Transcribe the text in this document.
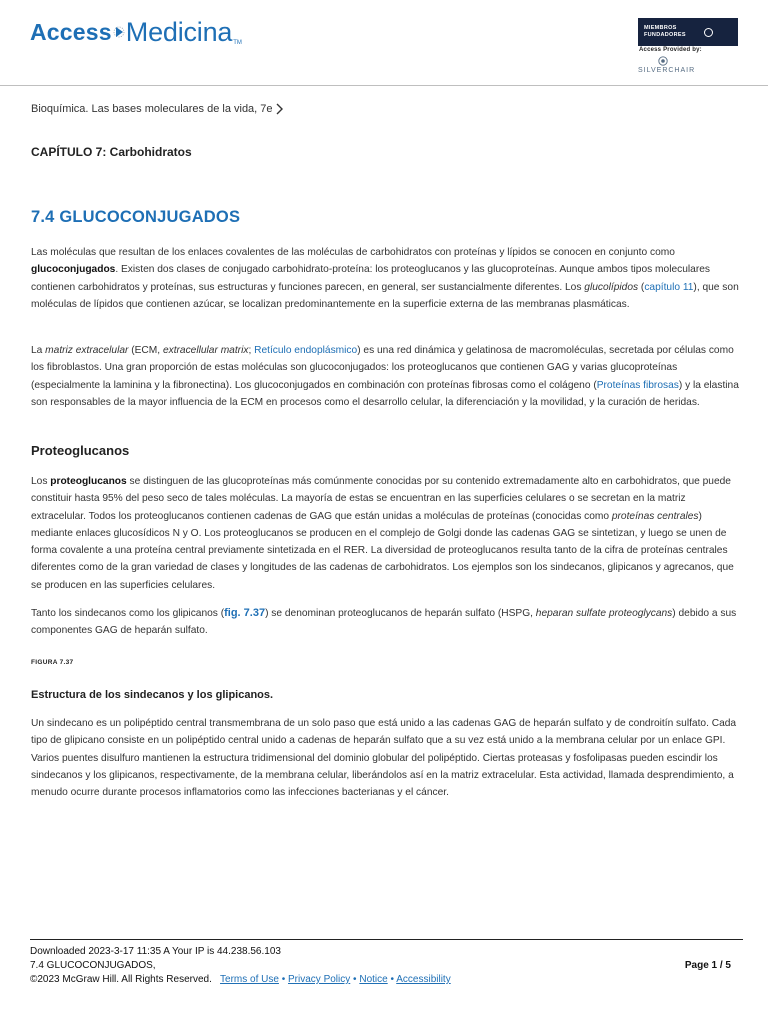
Access Medicina TM
MIEMBROS FUNDADORES
Access Provided by:
SILVERCHAIR
Bioquímica. Las bases moleculares de la vida, 7e
CAPÍTULO 7: Carbohidratos
7.4 GLUCOCONJUGADOS
Las moléculas que resultan de los enlaces covalentes de las moléculas de carbohidratos con proteínas y lípidos se conocen en conjunto como glucoconjugados. Existen dos clases de conjugado carbohidrato-proteína: los proteoglucanos y las glucoproteínas. Aunque ambos tipos moleculares contienen carbohidratos y proteínas, sus estructuras y funciones parecen, en general, ser sustancialmente diferentes. Los glucolípidos (capítulo 11), que son moléculas de lípidos que contienen azúcar, se localizan predominantemente en la superficie externa de las membranas plasmáticas.
La matriz extracelular (ECM, extracellular matrix; Retículo endoplásmico) es una red dinámica y gelatinosa de macromoléculas, secretada por células como los fibroblastos. Una gran proporción de estas moléculas son glucoconjugados: los proteoglucanos que contienen GAG y varias glucoproteínas (especialmente la laminina y la fibronectina). Los glucoconjugados en combinación con proteínas fibrosas como el colágeno (Proteínas fibrosas) y la elastina son responsables de la mayor influencia de la ECM en procesos como el desarrollo celular, la diferenciación y la movilidad, y la curación de heridas.
Proteoglucanos
Los proteoglucanos se distinguen de las glucoproteínas más comúnmente conocidas por su contenido extremadamente alto en carbohidratos, que puede constituir hasta 95% del peso seco de tales moléculas. La mayoría de estas se encuentran en las superficies celulares o se secretan en la matriz extracelular. Todos los proteoglucanos contienen cadenas de GAG que están unidas a moléculas de proteínas (conocidas como proteínas centrales) mediante enlaces glucosídicos N y O. Los proteoglucanos se producen en el complejo de Golgi donde las cadenas GAG se sintetizan, y luego se unen de forma covalente a una proteína central previamente sintetizada en el RER. La diversidad de proteoglucanos resulta tanto de la cifra de proteínas centrales diferentes como de la gran variedad de clases y longitudes de las cadenas de carbohidratos. Los ejemplos son los sindecanos, glipicanos y agrecanos, que se producen en las superficies celulares.
Tanto los sindecanos como los glipicanos (fig. 7.37) se denominan proteoglucanos de heparán sulfato (HSPG, heparan sulfate proteoglycans) debido a sus componentes GAG de heparán sulfato.
FIGURA 7.37
Estructura de los sindecanos y los glipicanos.
Un sindecano es un polipéptido central transmembrana de un solo paso que está unido a las cadenas GAG de heparán sulfato y de condroitín sulfato. Cada tipo de glipicano consiste en un polipéptido central unido a cadenas de heparán sulfato que a su vez está unido a la membrana celular por un enlace GPI. Varios puentes disulfuro mantienen la estructura tridimensional del dominio globular del polipéptido. Ciertas proteasas y fosfolipasas pueden escindir los sindecanos y los glipicanos, respectivamente, de la membrana celular, liberándolos así en la matriz extracelular. Esta actividad, llamada desprendimiento, a menudo ocurre durante procesos inflamatorios como las infecciones bacterianas y el cáncer.
Downloaded 2023-3-17 11:35 A Your IP is 44.238.56.103
7.4 GLUCOCONJUGADOS,
©2023 McGraw Hill. All Rights Reserved. Terms of Use • Privacy Policy • Notice • Accessibility
Page 1 / 5
